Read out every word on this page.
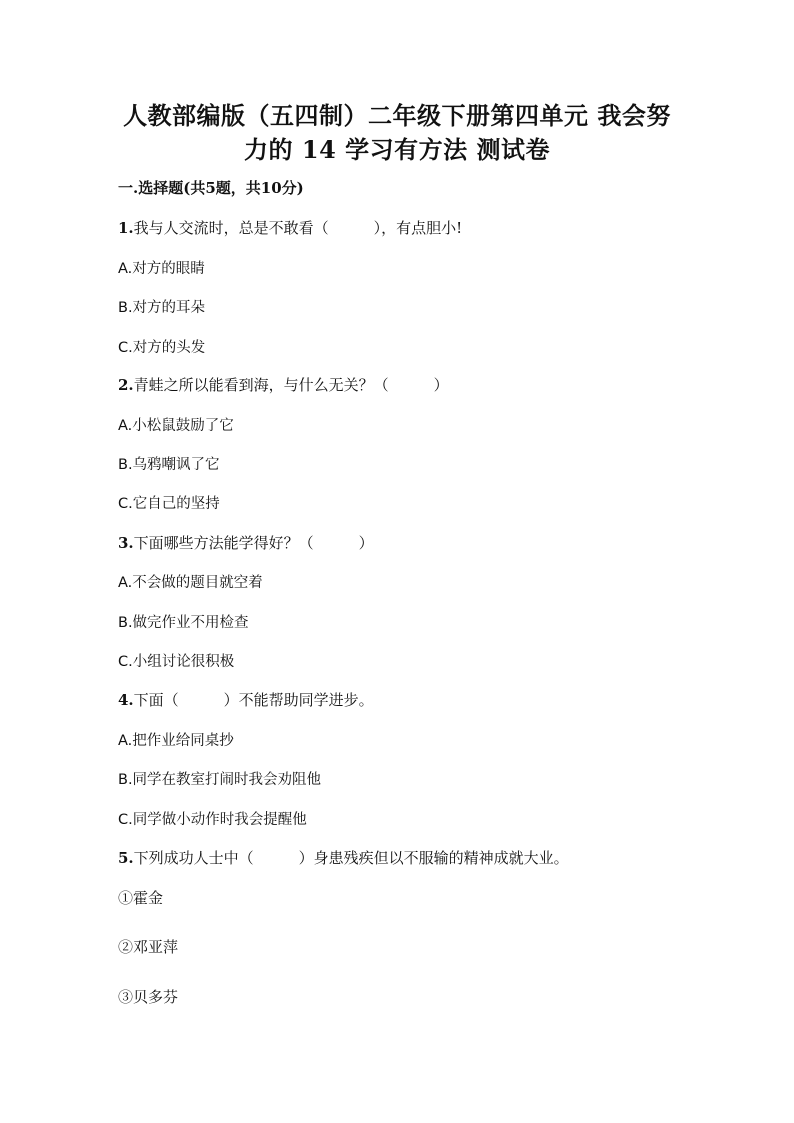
人教部编版（五四制）二年级下册第四单元 我会努
力的 14 学习有方法 测试卷
一.选择题(共5题，共10分)
1.我与人交流时，总是不敢看（　　　），有点胆小!
A.对方的眼睛
B.对方的耳朵
C.对方的头发
2.青蛙之所以能看到海，与什么无关？（　　　）
A.小松鼠鼓励了它
B.乌鸦嘲讽了它
C.它自己的坚持
3.下面哪些方法能学得好？（　　　）
A.不会做的题目就空着
B.做完作业不用检查
C.小组讨论很积极
4.下面（　　　）不能帮助同学进步。
A.把作业给同桌抄
B.同学在教室打闹时我会劝阻他
C.同学做小动作时我会提醒他
5.下列成功人士中（　　　）身患残疾但以不服输的精神成就大业。
①霍金
②邓亚萍
③贝多芬
